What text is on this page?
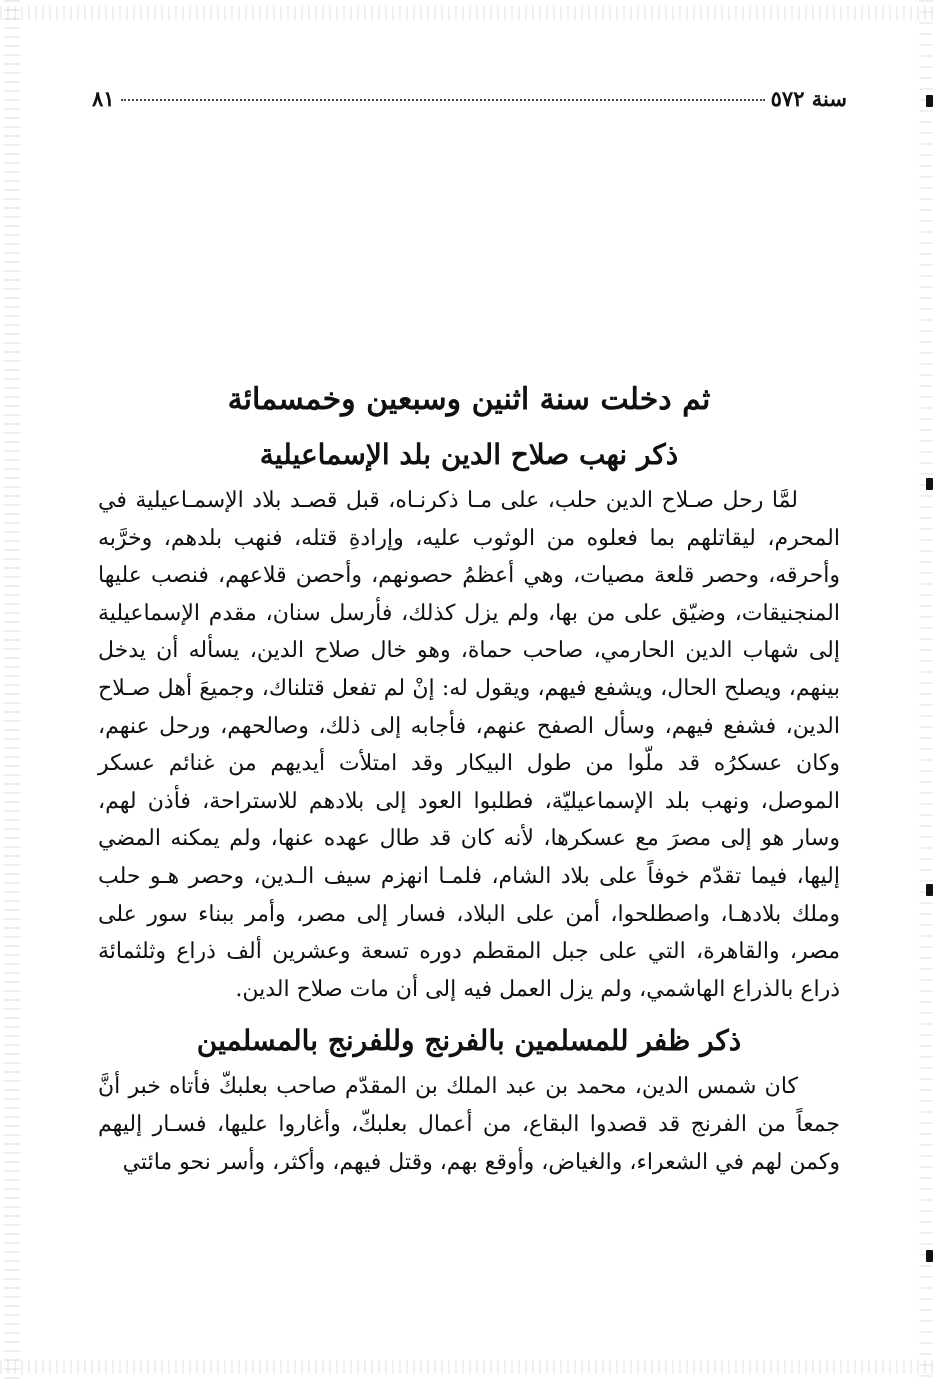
سنة ٥٧٢
٨١
ثم دخلت سنة اثنين وسبعين وخمسمائة
ذكر نهب صلاح الدين بلد الإسماعيلية

لمَّا رحل صـلاح الدين حلب، على مـا ذكرنـاه، قبل قصـد بلاد الإسمـاعيلية في المحرم، ليقاتلهم بما فعلوه من الوثوب عليه، وإرادةِ قتله، فنهب بلدهم، وخرَّبه وأحرقه، وحصر قلعة مصيات، وهي أعظمُ حصونهم، وأحصن قلاعهم، فنصب عليها المنجنيقات، وضيّق على من بها، ولم يزل كذلك، فأرسل سنان، مقدم الإسماعيلية إلى شهاب الدين الحارمي، صاحب حماة، وهو خال صلاح الدين، يسأله أن يدخل بينهم، ويصلح الحال، ويشفع فيهم، ويقول له: إنْ لم تفعل قتلناك، وجميعَ أهل صـلاح الدين، فشفع فيهم، وسأل الصفح عنهم، فأجابه إلى ذلك، وصالحهم، ورحل عنهم، وكان عسكرُه قد ملّوا من طول البيكار وقد امتلأت أيديهم من غنائم عسكر الموصل، ونهب بلد الإسماعيليّة، فطلبوا العود إلى بلادهم للاستراحة، فأذن لهم، وسار هو إلى مصرَ مع عسكرها، لأنه كان قد طال عهده عنها، ولم يمكنه المضي إليها، فيما تقدّم خوفاً على بلاد الشام، فلمـا انهزم سيف الـدين، وحصر هـو حلب وملك بلادهـا، واصطلحوا، أمن على البلاد، فسار إلى مصر، وأمر ببناء سور على مصر، والقاهرة، التي على جبل المقطم دوره تسعة وعشرين ألف ذراع وثلثمائة ذراع بالذراع الهاشمي، ولم يزل العمل فيه إلى أن مات صلاح الدين.

ذكر ظفر للمسلمين بالفرنج وللفرنج بالمسلمين

كان شمس الدين، محمد بن عبد الملك بن المقدّم صاحب بعلبكّ فأتاه خبر أنَّ جمعاً من الفرنج قد قصدوا البقاع، من أعمال بعلبكّ، وأغاروا عليها، فسـار إليهم وكمن لهم في الشعراء، والغياض، وأوقع بهم، وقتل فيهم، وأكثر، وأسر نحو مائتي
